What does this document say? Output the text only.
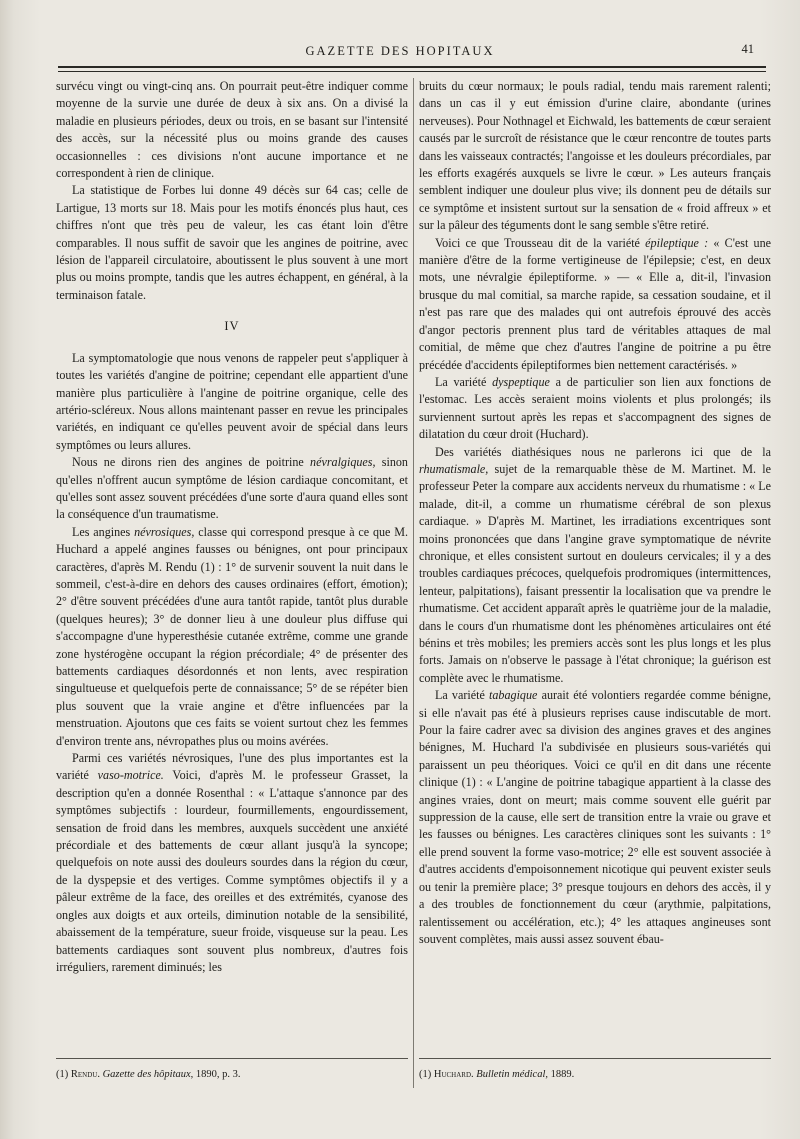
GAZETTE DES HOPITAUX	41

survécu vingt ou vingt-cinq ans. On pourrait peut-être indiquer comme moyenne de la survie une durée de deux à six ans. On a divisé la maladie en plusieurs périodes, deux ou trois, en se basant sur l'intensité des accès, sur la nécessité plus ou moins grande des causes occasionnelles : ces divisions n'ont aucune importance et ne correspondent à rien de clinique.

La statistique de Forbes lui donne 49 décès sur 64 cas; celle de Lartigue, 13 morts sur 18. Mais pour les motifs énoncés plus haut, ces chiffres n'ont que très peu de valeur, les cas étant loin d'être comparables. Il nous suffit de savoir que les angines de poitrine, avec lésion de l'appareil circulatoire, aboutissent le plus souvent à une mort plus ou moins prompte, tandis que les autres échappent, en général, à la terminaison fatale.

IV

La symptomatologie que nous venons de rappeler peut s'appliquer à toutes les variétés d'angine de poitrine; cependant elle appartient d'une manière plus particulière à l'angine de poitrine organique, celle des artério-scléreux. Nous allons maintenant passer en revue les principales variétés, en indiquant ce qu'elles peuvent avoir de spécial dans leurs symptômes ou leurs allures.

Nous ne dirons rien des angines de poitrine névralgiques, sinon qu'elles n'offrent aucun symptôme de lésion cardiaque concomitant, et qu'elles sont assez souvent précédées d'une sorte d'aura quand elles sont la conséquence d'un traumatisme.

Les angines névrosiques, classe qui correspond presque à ce que M. Huchard a appelé angines fausses ou bénignes, ont pour principaux caractères, d'après M. Rendu (1) : 1° de survenir souvent la nuit dans le sommeil, c'est-à-dire en dehors des causes ordinaires (effort, émotion); 2° d'être souvent précédées d'une aura tantôt rapide, tantôt plus durable (quelques heures); 3° de donner lieu à une douleur plus diffuse qui s'accompagne d'une hyperesthésie cutanée extrême, comme une grande zone hystérogène occupant la région précordiale; 4° de présenter des battements cardiaques désordonnés et non lents, avec respiration singultueuse et quelquefois perte de connaissance; 5° de se répéter bien plus souvent que la vraie angine et d'être influencées par la menstruation. Ajoutons que ces faits se voient surtout chez les femmes d'environ trente ans, névropathes plus ou moins avérées.

Parmi ces variétés névrosiques, l'une des plus importantes est la variété vaso-motrice. Voici, d'après M. le professeur Grasset, la description qu'en a donnée Rosenthal : « L'attaque s'annonce par des symptômes subjectifs : lourdeur, fourmillements, engourdissement, sensation de froid dans les membres, auxquels succèdent une anxiété précordiale et des battements de cœur allant jusqu'à la syncope; quelquefois on note aussi des douleurs sourdes dans la région du cœur, de la dyspepsie et des vertiges. Comme symptômes objectifs il y a pâleur extrême de la face, des oreilles et des extrémités, cyanose des ongles aux doigts et aux orteils, diminution notable de la sensibilité, abaissement de la température, sueur froide, visqueuse sur la peau. Les battements cardiaques sont souvent plus nombreux, d'autres fois irréguliers, rarement diminués; les

bruits du cœur normaux; le pouls radial, tendu mais rarement ralenti; dans un cas il y eut émission d'urine claire, abondante (urines nerveuses). Pour Nothnagel et Eichwald, les battements de cœur seraient causés par le surcroît de résistance que le cœur rencontre de toutes parts dans les vaisseaux contractés; l'angoisse et les douleurs précordiales, par les efforts exagérés auxquels se livre le cœur. » Les auteurs français semblent indiquer une douleur plus vive; ils donnent peu de détails sur ce symptôme et insistent surtout sur la sensation de « froid affreux » et sur la pâleur des téguments dont le sang semble s'être retiré.

Voici ce que Trousseau dit de la variété épileptique : « C'est une manière d'être de la forme vertigineuse de l'épilepsie; c'est, en deux mots, une névralgie épileptiforme. » — « Elle a, dit-il, l'invasion brusque du mal comitial, sa marche rapide, sa cessation soudaine, et il n'est pas rare que des malades qui ont autrefois éprouvé des accès d'angor pectoris prennent plus tard de véritables attaques de mal comitial, de même que chez d'autres l'angine de poitrine a pu être précédée d'accidents épileptiformes bien nettement caractérisés. »

La variété dyspeptique a de particulier son lien aux fonctions de l'estomac. Les accès seraient moins violents et plus prolongés; ils surviennent surtout après les repas et s'accompagnent des signes de dilatation du cœur droit (Huchard).

Des variétés diathésiques nous ne parlerons ici que de la rhumatismale, sujet de la remarquable thèse de M. Martinet. M. le professeur Peter la compare aux accidents nerveux du rhumatisme : « Le malade, dit-il, a comme un rhumatisme cérébral de son plexus cardiaque. » D'après M. Martinet, les irradiations excentriques sont moins prononcées que dans l'angine grave symptomatique de névrite chronique, et elles consistent surtout en douleurs cervicales; il y a des troubles cardiaques précoces, quelquefois prodromiques (intermittences, lenteur, palpitations), faisant pressentir la localisation que va prendre le rhumatisme. Cet accident apparaît après le quatrième jour de la maladie, dans le cours d'un rhumatisme dont les phénomènes articulaires ont été bénins et très mobiles; les premiers accès sont les plus longs et les plus forts. Jamais on n'observe le passage à l'état chronique; la guérison est complète avec le rhumatisme.

La variété tabagique aurait été volontiers regardée comme bénigne, si elle n'avait pas été à plusieurs reprises cause indiscutable de mort. Pour la faire cadrer avec sa division des angines graves et des angines bénignes, M. Huchard l'a subdivisée en plusieurs sous-variétés qui paraissent un peu théoriques. Voici ce qu'il en dit dans une récente clinique (1) : « L'angine de poitrine tabagique appartient à la classe des angines vraies, dont on meurt; mais comme souvent elle guérit par suppression de la cause, elle sert de transition entre la vraie ou grave et les fausses ou bénignes. Les caractères cliniques sont les suivants : 1° elle prend souvent la forme vaso-motrice; 2° elle est souvent associée à d'autres accidents d'empoisonnement nicotique qui peuvent exister seuls ou tenir la première place; 3° presque toujours en dehors des accès, il y a des troubles de fonctionnement du cœur (arythmie, palpitations, ralentissement ou accélération, etc.); 4° les attaques angineuses sont souvent complètes, mais aussi assez souvent ébau-

(1) Rendu. Gazette des hôpitaux, 1890, p. 3.	(1) Huchard. Bulletin médical, 1889.
